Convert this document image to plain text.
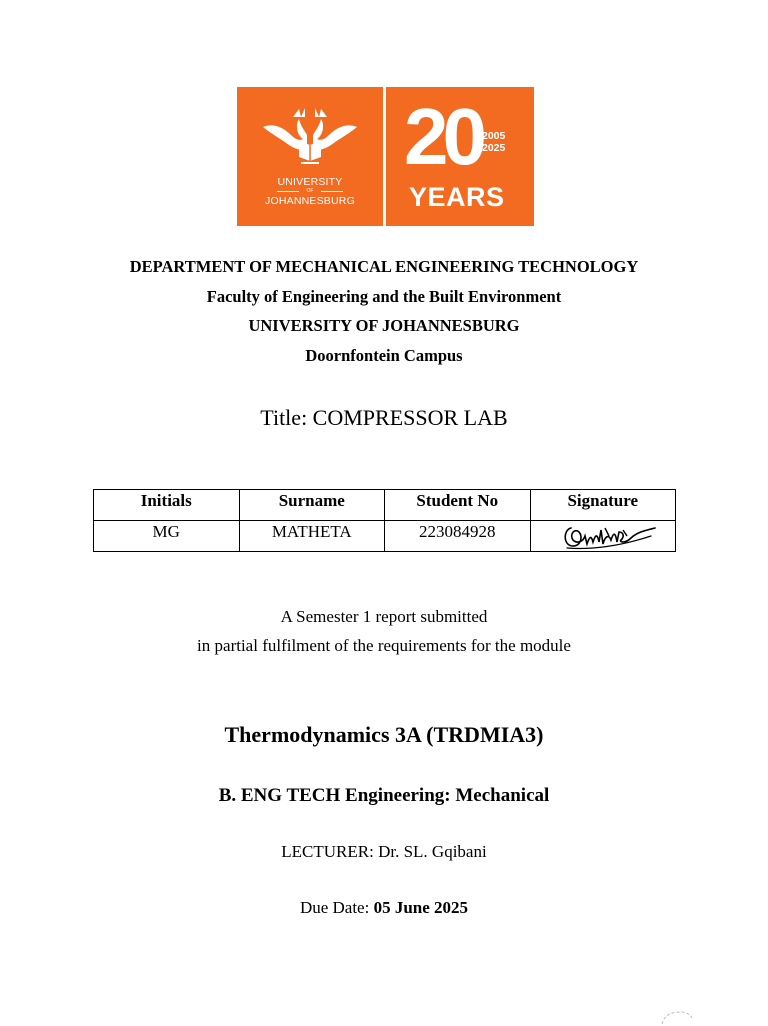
UNIVERSITY
OF
JOHANNESBURG
20 2005
2025
YEARS
DEPARTMENT OF MECHANICAL ENGINEERING TECHNOLOGY
Faculty of Engineering and the Built Environment
UNIVERSITY OF JOHANNESBURG
Doornfontein Campus
Title: COMPRESSOR LAB
Initials	Surname	Student No	Signature
MG	MATHETA	223084928	
A Semester 1 report submitted
in partial fulfilment of the requirements for the module
Thermodynamics 3A (TRDMIA3)
B. ENG TECH Engineering: Mechanical
LECTURER: Dr. SL. Gqibani
Due Date: 05 June 2025
